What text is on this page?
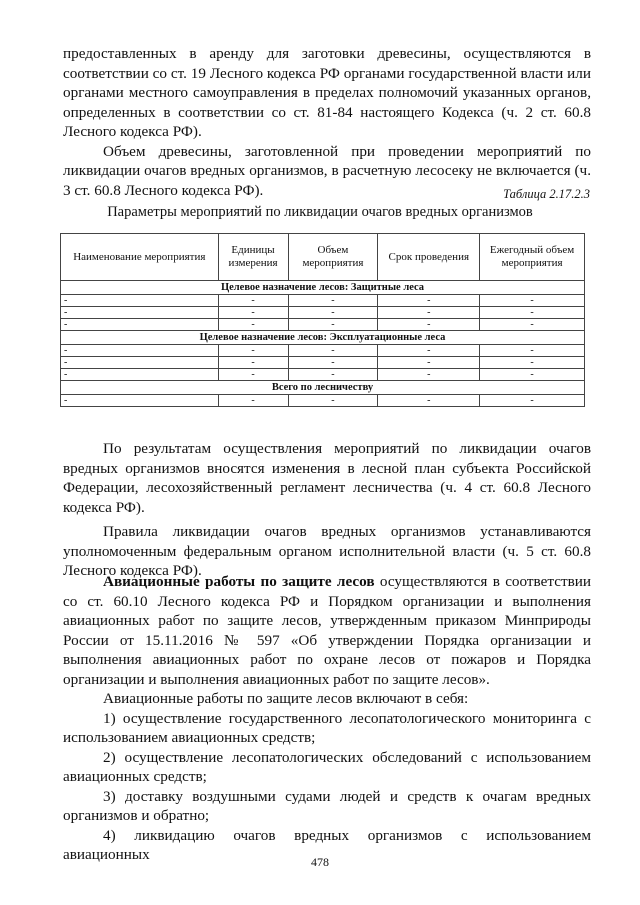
предоставленных в аренду для заготовки древесины, осуществляются в соответствии со ст. 19 Лесного кодекса РФ органами государственной власти или органами местного самоуправления в пределах полномочий указанных органов, определенных в соответствии со ст. 81-84 настоящего Кодекса (ч. 2 ст. 60.8 Лесного кодекса РФ).

Объем древесины, заготовленной при проведении мероприятий по ликвидации очагов вредных организмов, в расчетную лесосеку не включается (ч. 3 ст. 60.8 Лесного кодекса РФ).	Таблица 2.17.2.3
Параметры мероприятий по ликвидации очагов вредных организмов
Наименование мероприятия	Единицы измерения	Объем мероприятия	Срок проведения	Ежегодный объем мероприятия
Целевое назначение лесов: Защитные леса				
-	-	-	-	-
-	-	-	-	-
-	-	-	-	-
Целевое назначение лесов: Эксплуатационные леса				
-	-	-	-	-
-	-	-	-	-
-	-	-	-	-
Всего по лесничеству				
-	-	-	-	-

По результатам осуществления мероприятий по ликвидации очагов вредных организмов вносятся изменения в лесной план субъекта Российской Федерации, лесохозяйственный регламент лесничества (ч. 4 ст. 60.8 Лесного кодекса РФ).

Правила ликвидации очагов вредных организмов устанавливаются уполномоченным федеральным органом исполнительной власти (ч. 5 ст. 60.8 Лесного кодекса РФ).

Авиационные работы по защите лесов осуществляются в соответствии со ст. 60.10 Лесного кодекса РФ и Порядком организации и выполнения авиационных работ по защите лесов, утвержденным приказом Минприроды России от 15.11.2016 № 597 «Об утверждении Порядка организации и выполнения авиационных работ по охране лесов от пожаров и Порядка организации и выполнения авиационных работ по защите лесов».

Авиационные работы по защите лесов включают в себя:

1) осуществление государственного лесопатологического мониторинга с использованием авиационных средств;

2) осуществление лесопатологических обследований с использованием авиационных средств;

3) доставку воздушными судами людей и средств к очагам вредных организмов и обратно;

4) ликвидацию очагов вредных организмов с использованием авиационных	478
